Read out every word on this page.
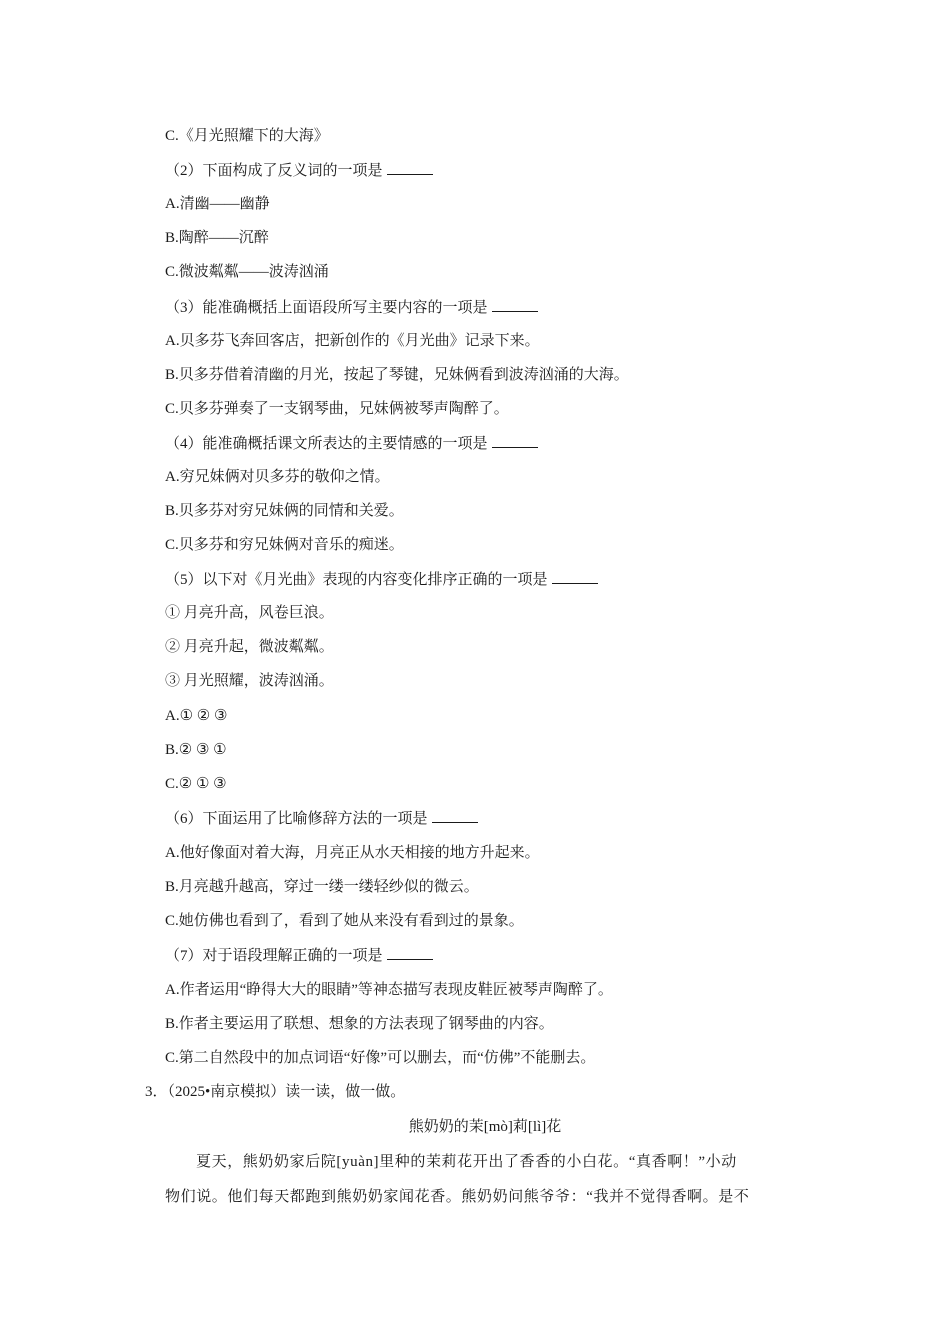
C.《月光照耀下的大海》
（2）下面构成了反义词的一项是
A.清幽——幽静
B.陶醉——沉醉
C.微波粼粼——波涛汹涌
（3）能准确概括上面语段所写主要内容的一项是
A.贝多芬飞奔回客店，把新创作的《月光曲》记录下来。
B.贝多芬借着清幽的月光，按起了琴键，兄妹俩看到波涛汹涌的大海。
C.贝多芬弹奏了一支钢琴曲，兄妹俩被琴声陶醉了。
（4）能准确概括课文所表达的主要情感的一项是
A.穷兄妹俩对贝多芬的敬仰之情。
B.贝多芬对穷兄妹俩的同情和关爱。
C.贝多芬和穷兄妹俩对音乐的痴迷。
（5）以下对《月光曲》表现的内容变化排序正确的一项是
① 月亮升高，风卷巨浪。
② 月亮升起，微波粼粼。
③ 月光照耀，波涛汹涌。
A.① ② ③
B.② ③ ①
C.② ① ③
（6）下面运用了比喻修辞方法的一项是
A.他好像面对着大海，月亮正从水天相接的地方升起来。
B.月亮越升越高，穿过一缕一缕轻纱似的微云。
C.她仿佛也看到了，看到了她从来没有看到过的景象。
（7）对于语段理解正确的一项是
A.作者运用“睁得大大的眼睛”等神态描写表现皮鞋匠被琴声陶醉了。
B.作者主要运用了联想、想象的方法表现了钢琴曲的内容。
C.第二自然段中的加点词语“好像”可以删去，而“仿佛”不能删去。
3．（2025•南京模拟）读一读，做一做。
熊奶奶的茉[mò]莉[lì]花
夏天，熊奶奶家后院[yuàn]里种的茉莉花开出了香香的小白花。“真香啊！”小动
物们说。他们每天都跑到熊奶奶家闻花香。熊奶奶问熊爷爷：“我并不觉得香啊。是不
